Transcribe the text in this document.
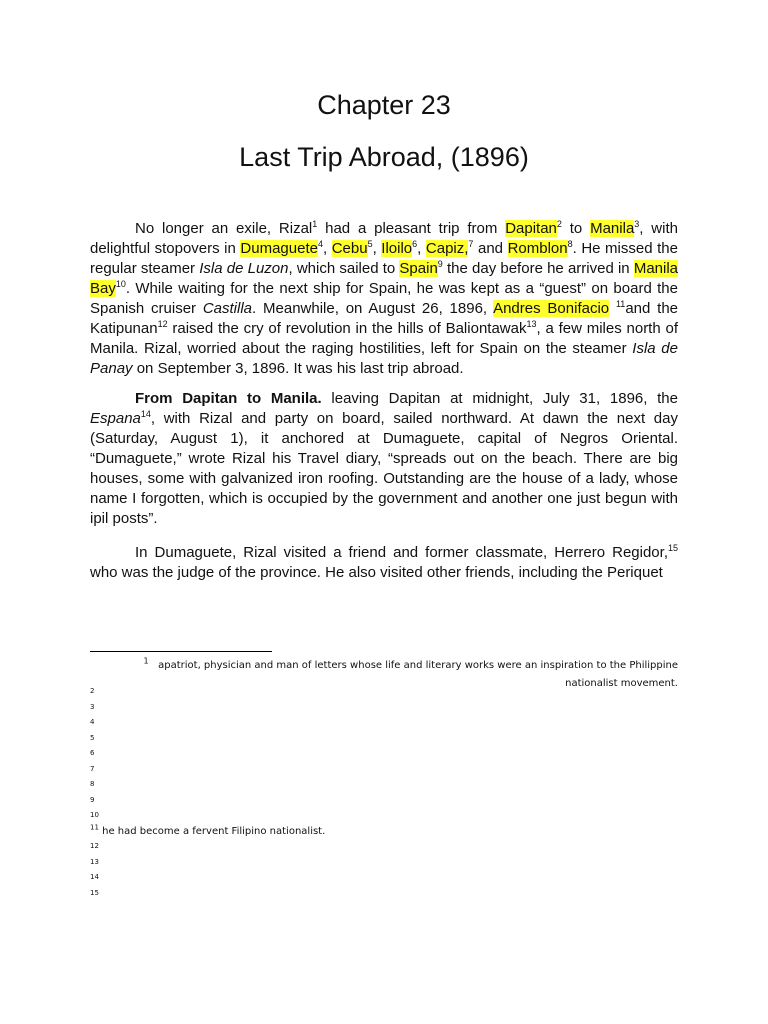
Chapter 23
Last Trip Abroad, (1896)

No longer an exile, Rizal$^1$ had a pleasant trip from Dapitan$^2$ to Manila$^3$, with delightful stopovers in Dumaguete$^4$, Cebu$^5$, Iloilo$^6$, Capiz,$^7$ and Romblon$^8$. He missed the regular steamer Isla de Luzon, which sailed to Spain$^9$ the day before he arrived in Manila Bay$^{10}$. While waiting for the next ship for Spain, he was kept as a “guest” on board the Spanish cruiser Castilla. Meanwhile, on August 26, 1896, Andres Bonifacio $^{11}$and the Katipunan$^{12}$ raised the cry of revolution in the hills of Baliontawak$^{13}$, a few miles north of Manila. Rizal, worried about the raging hostilities, left for Spain on the steamer Isla de Panay on September 3, 1896. It was his last trip abroad.

From Dapitan to Manila. leaving Dapitan at midnight, July 31, 1896, the Espana$^{14}$, with Rizal and party on board, sailed northward. At dawn the next day (Saturday, August 1), it anchored at Dumaguete, capital of Negros Oriental. “Dumaguete,” wrote Rizal his Travel diary, “spreads out on the beach. There are big houses, some with galvanized iron roofing. Outstanding are the house of a lady, whose name I forgotten, which is occupied by the government and another one just begun with ipil posts”.

In Dumaguete, Rizal visited a friend and former classmate, Herrero Regidor,$^{15}$ who was the judge of the province. He also visited other friends, including the Periquet

$^1$ apatriot, physician and man of letters whose life and literary works were an inspiration to the Philippine nationalist movement.

2
3
4
5
6
7
8
9
10
$^{11}$ he had become a fervent Filipino nationalist.
12
13
14
15
